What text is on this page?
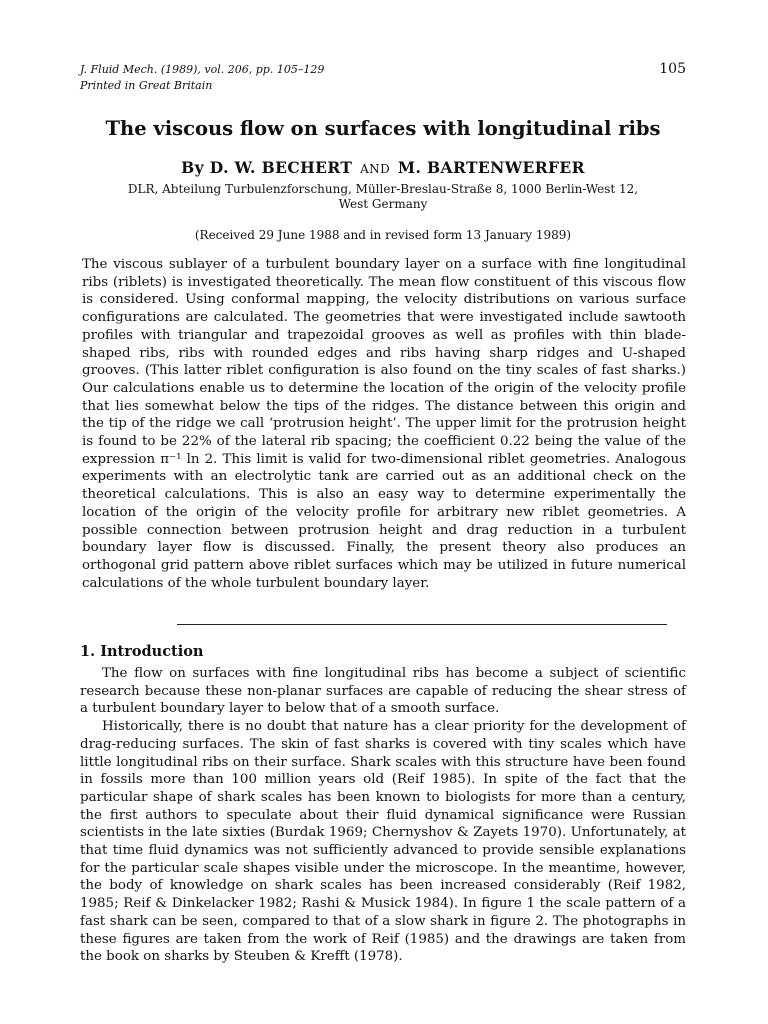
J. Fluid Mech. (1989), vol. 206, pp. 105–129
Printed in Great Britain
105
The viscous flow on surfaces with longitudinal ribs
By D. W. BECHERT AND M. BARTENWERFER
DLR, Abteilung Turbulenzforschung, Müller-Breslau-Straße 8, 1000 Berlin-West 12,
West Germany
(Received 29 June 1988 and in revised form 13 January 1989)

The viscous sublayer of a turbulent boundary layer on a surface with fine longitudinal ribs (riblets) is investigated theoretically. The mean flow constituent of this viscous flow is considered. Using conformal mapping, the velocity distributions on various surface configurations are calculated. The geometries that were investigated include sawtooth profiles with triangular and trapezoidal grooves as well as profiles with thin blade-shaped ribs, ribs with rounded edges and ribs having sharp ridges and U-shaped grooves. (This latter riblet configuration is also found on the tiny scales of fast sharks.) Our calculations enable us to determine the location of the origin of the velocity profile that lies somewhat below the tips of the ridges. The distance between this origin and the tip of the ridge we call ‘protrusion height’. The upper limit for the protrusion height is found to be 22% of the lateral rib spacing; the coefficient 0.22 being the value of the expression π⁻¹ ln 2. This limit is valid for two-dimensional riblet geometries. Analogous experiments with an electrolytic tank are carried out as an additional check on the theoretical calculations. This is also an easy way to determine experimentally the location of the origin of the velocity profile for arbitrary new riblet geometries. A possible connection between protrusion height and drag reduction in a turbulent boundary layer flow is discussed. Finally, the present theory also produces an orthogonal grid pattern above riblet surfaces which may be utilized in future numerical calculations of the whole turbulent boundary layer.

1. Introduction

The flow on surfaces with fine longitudinal ribs has become a subject of scientific research because these non-planar surfaces are capable of reducing the shear stress of a turbulent boundary layer to below that of a smooth surface.

Historically, there is no doubt that nature has a clear priority for the development of drag-reducing surfaces. The skin of fast sharks is covered with tiny scales which have little longitudinal ribs on their surface. Shark scales with this structure have been found in fossils more than 100 million years old (Reif 1985). In spite of the fact that the particular shape of shark scales has been known to biologists for more than a century, the first authors to speculate about their fluid dynamical significance were Russian scientists in the late sixties (Burdak 1969; Chernyshov & Zayets 1970). Unfortunately, at that time fluid dynamics was not sufficiently advanced to provide sensible explanations for the particular scale shapes visible under the microscope. In the meantime, however, the body of knowledge on shark scales has been increased considerably (Reif 1982, 1985; Reif & Dinkelacker 1982; Rashi & Musick 1984). In figure 1 the scale pattern of a fast shark can be seen, compared to that of a slow shark in figure 2. The photographs in these figures are taken from the work of Reif (1985) and the drawings are taken from the book on sharks by Steuben & Krefft (1978).
